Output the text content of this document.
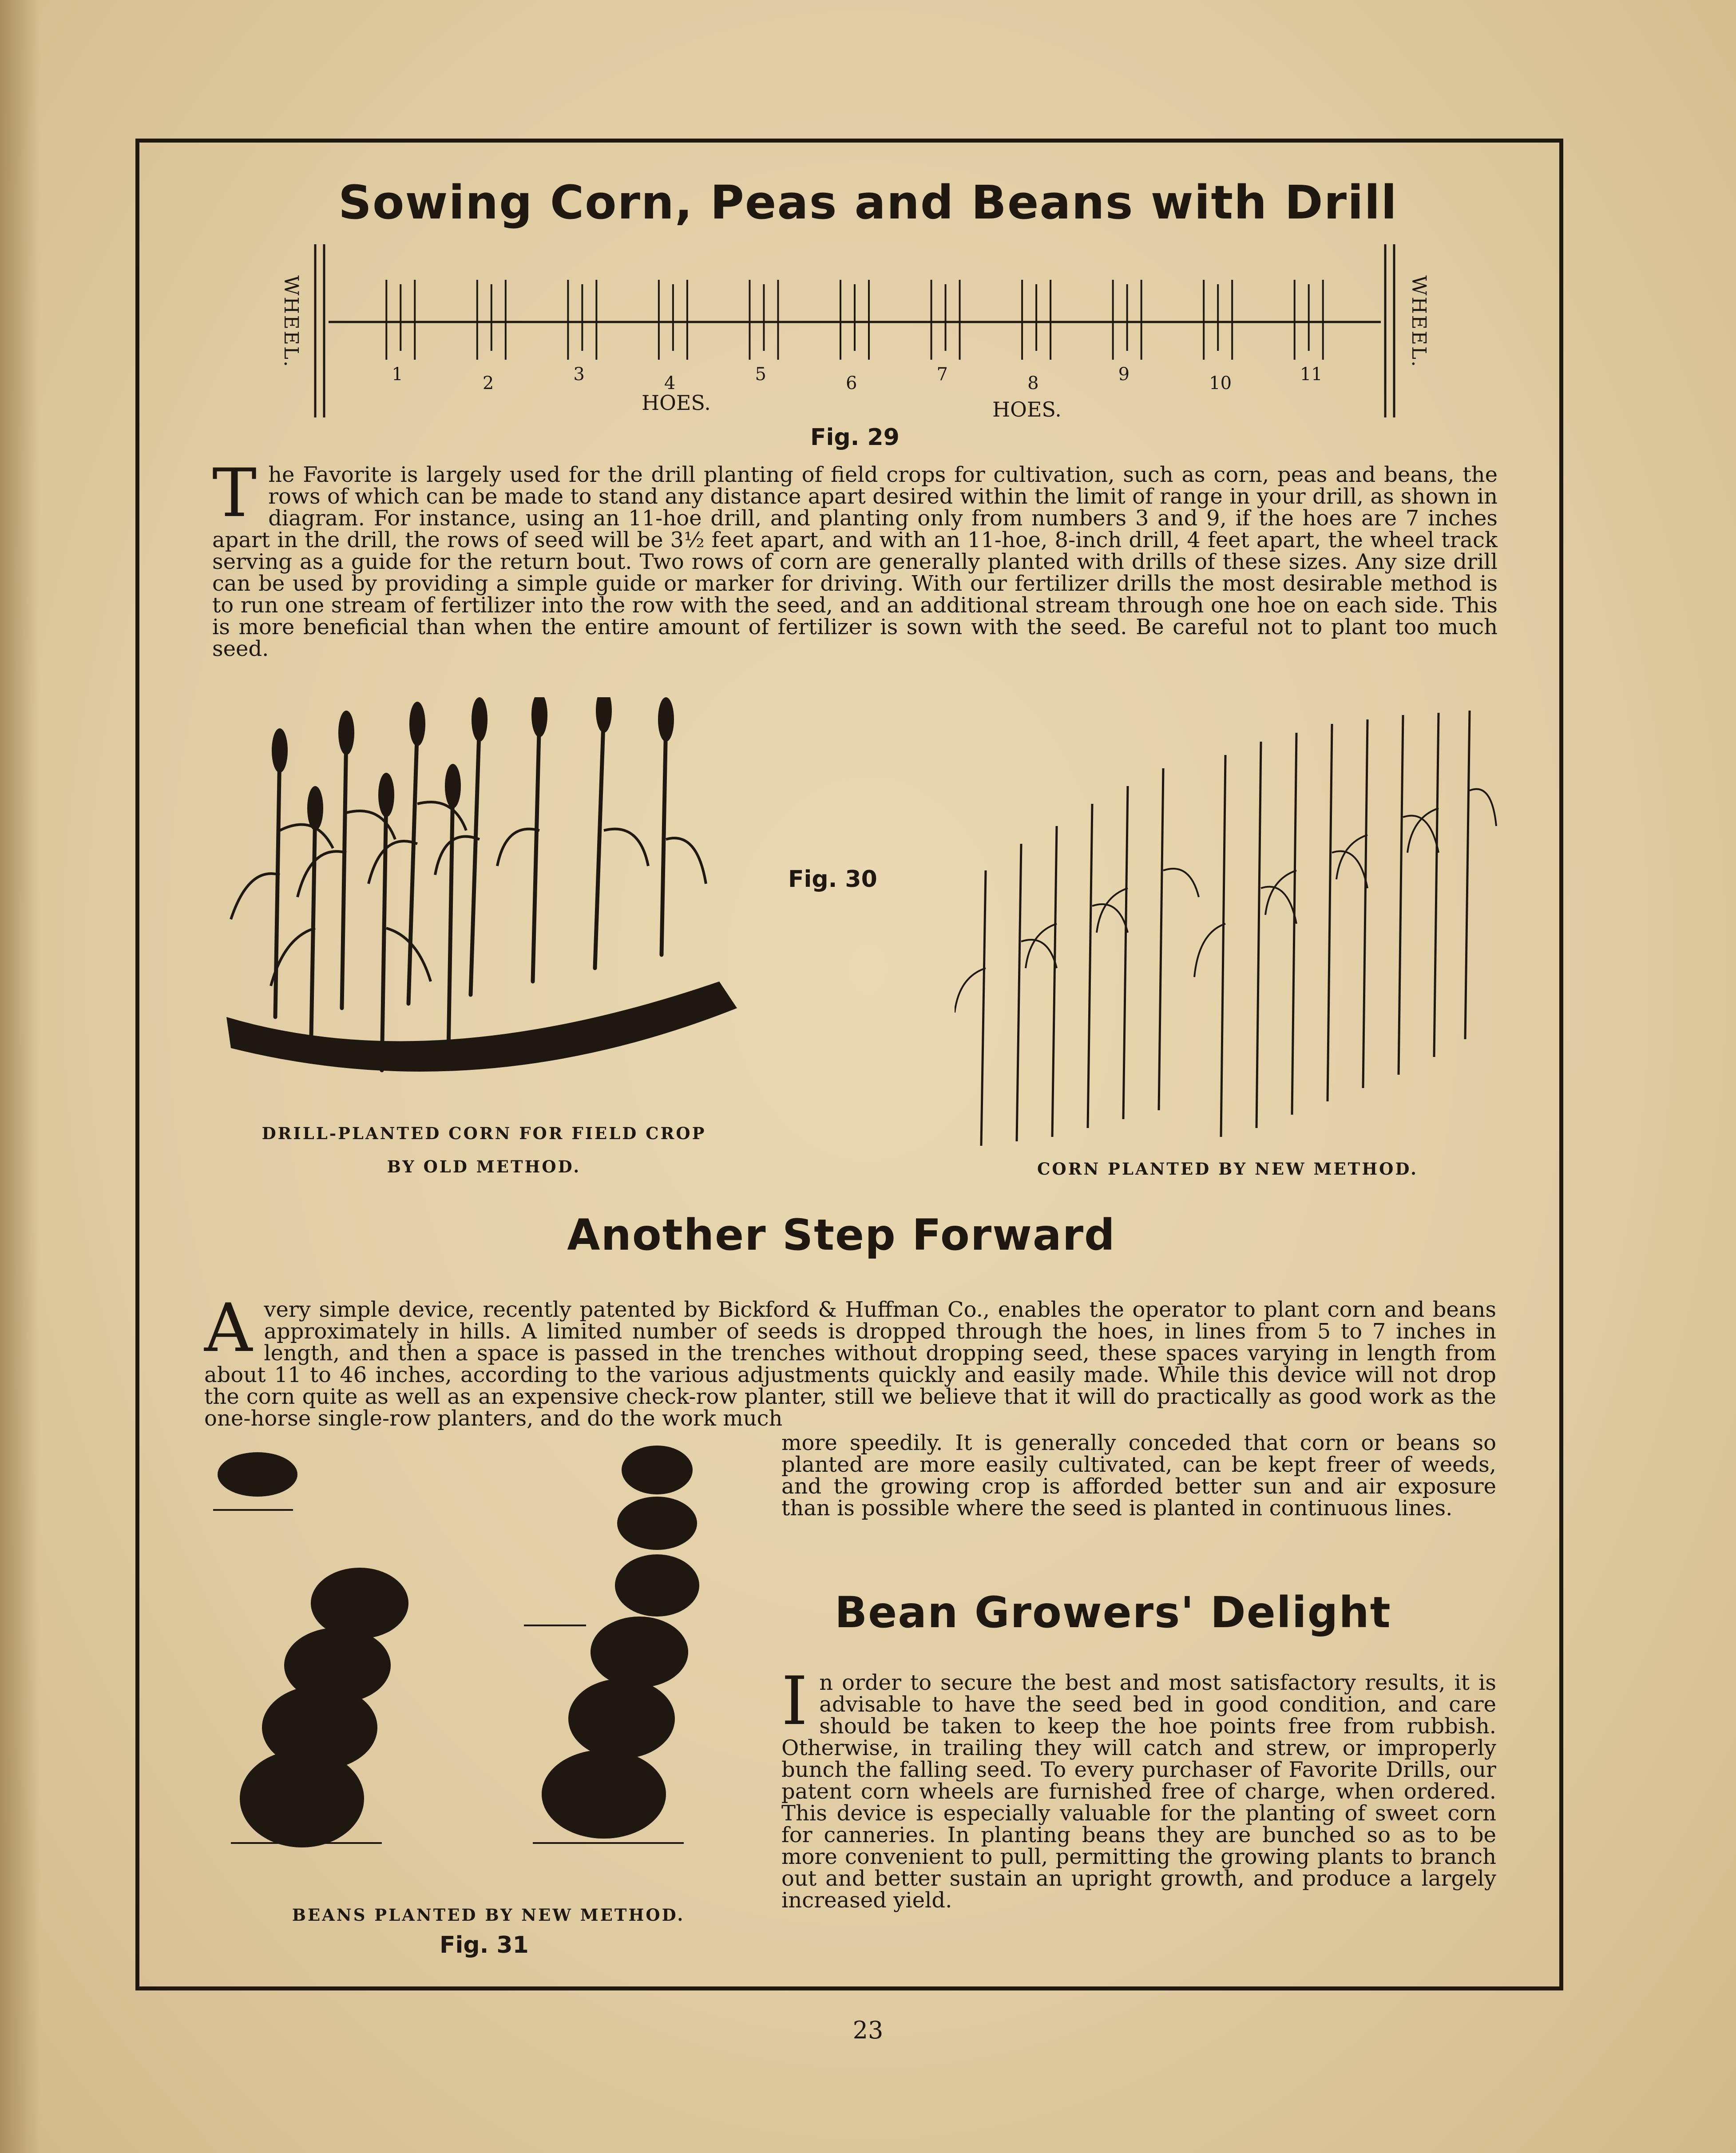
Sowing Corn, Peas and Beans with Drill
WHEEL.	WHEEL.
1	2	3	4	5	6	7	8	9	10	11
HOES.	HOES.
Fig. 29

The Favorite is largely used for the drill planting of field crops for cultivation, such as corn, peas and beans, the rows of which can be made to stand any distance apart desired within the limit of range in your drill, as shown in diagram. For instance, using an 11-hoe drill, and planting only from numbers 3 and 9, if the hoes are 7 inches apart in the drill, the rows of seed will be 3½ feet apart, and with an 11-hoe, 8-inch drill, 4 feet apart, the wheel track serving as a guide for the return bout. Two rows of corn are generally planted with drills of these sizes. Any size drill can be used by providing a simple guide or marker for driving. With our fertilizer drills the most desirable method is to run one stream of fertilizer into the row with the seed, and an additional stream through one hoe on each side. This is more beneficial than when the entire amount of fertilizer is sown with the seed. Be careful not to plant too much seed.

Fig. 30
DRILL-PLANTED CORN FOR FIELD CROP
BY OLD METHOD.	CORN PLANTED BY NEW METHOD.
Another Step Forward

Avery simple device, recently patented by Bickford & Huffman Co., enables the operator to plant corn and beans approximately in hills. A limited number of seeds is dropped through the hoes, in lines from 5 to 7 inches in length, and then a space is passed in the trenches without dropping seed, these spaces varying in length from about 11 to 46 inches, according to the various adjustments quickly and easily made. While this device will not drop the corn quite as well as an expensive check-row planter, still we believe that it will do practically as good work as the one-horse single-row planters, and do the work much

more speedily. It is generally conceded that corn or beans so planted are more easily cultivated, can be kept freer of weeds, and the growing crop is afforded better sun and air exposure than is possible where the seed is planted in continuous lines.

BEANS PLANTED BY NEW METHOD.
Fig. 31
Bean Growers' Delight

In order to secure the best and most satisfactory results, it is advisable to have the seed bed in good condition, and care should be taken to keep the hoe points free from rubbish. Otherwise, in trailing they will catch and strew, or improperly bunch the falling seed. To every purchaser of Favorite Drills, our patent corn wheels are furnished free of charge, when ordered. This device is especially valuable for the planting of sweet corn for canneries. In planting beans they are bunched so as to be more convenient to pull, permitting the growing plants to branch out and better sustain an upright growth, and produce a largely increased yield.

23
